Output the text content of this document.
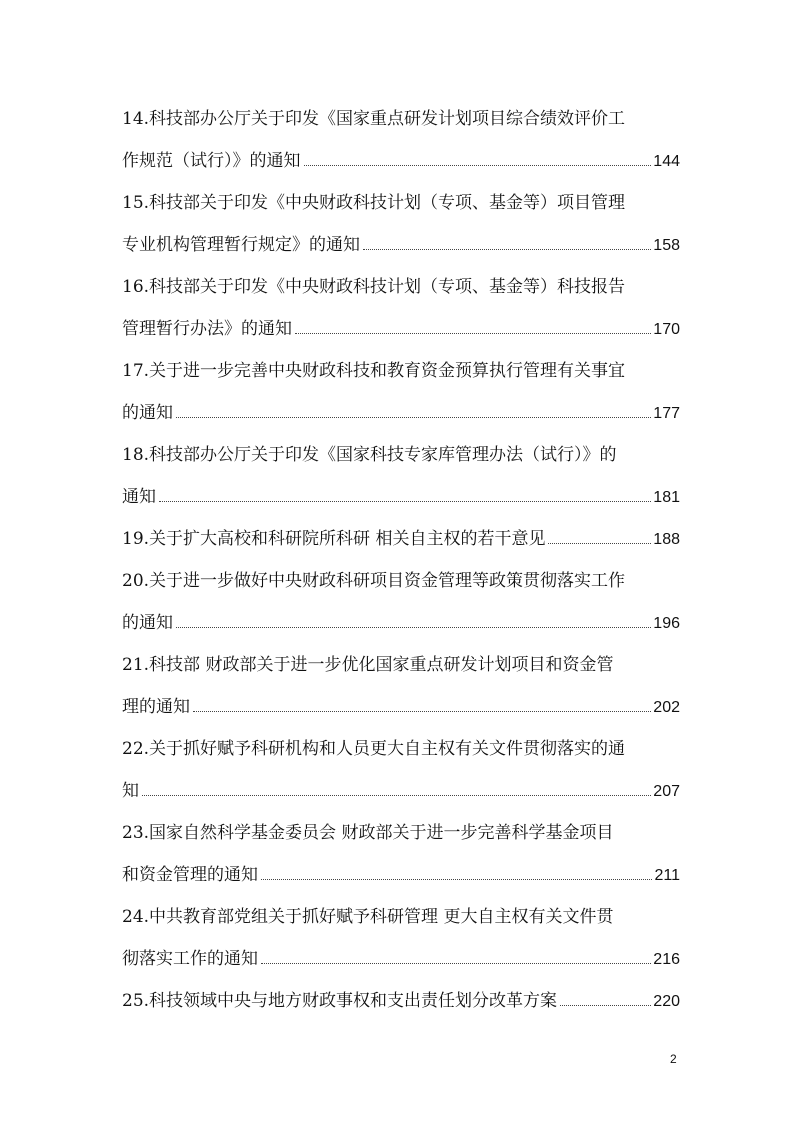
14.科技部办公厅关于印发《国家重点研发计划项目综合绩效评价工
作规范（试行）》的通知	144
15.科技部关于印发《中央财政科技计划（专项、基金等）项目管理
专业机构管理暂行规定》的通知	158
16.科技部关于印发《中央财政科技计划（专项、基金等）科技报告
管理暂行办法》的通知	170
17.关于进一步完善中央财政科技和教育资金预算执行管理有关事宜
的通知	177
18.科技部办公厅关于印发《国家科技专家库管理办法（试行）》的
通知	181
19.关于扩大高校和科研院所科研 相关自主权的若干意见	188
20.关于进一步做好中央财政科研项目资金管理等政策贯彻落实工作
的通知	196
21.科技部 财政部关于进一步优化国家重点研发计划项目和资金管
理的通知	202
22.关于抓好赋予科研机构和人员更大自主权有关文件贯彻落实的通
知	207
23.国家自然科学基金委员会 财政部关于进一步完善科学基金项目
和资金管理的通知	211
24.中共教育部党组关于抓好赋予科研管理 更大自主权有关文件贯
彻落实工作的通知	216
25.科技领域中央与地方财政事权和支出责任划分改革方案	220
2
